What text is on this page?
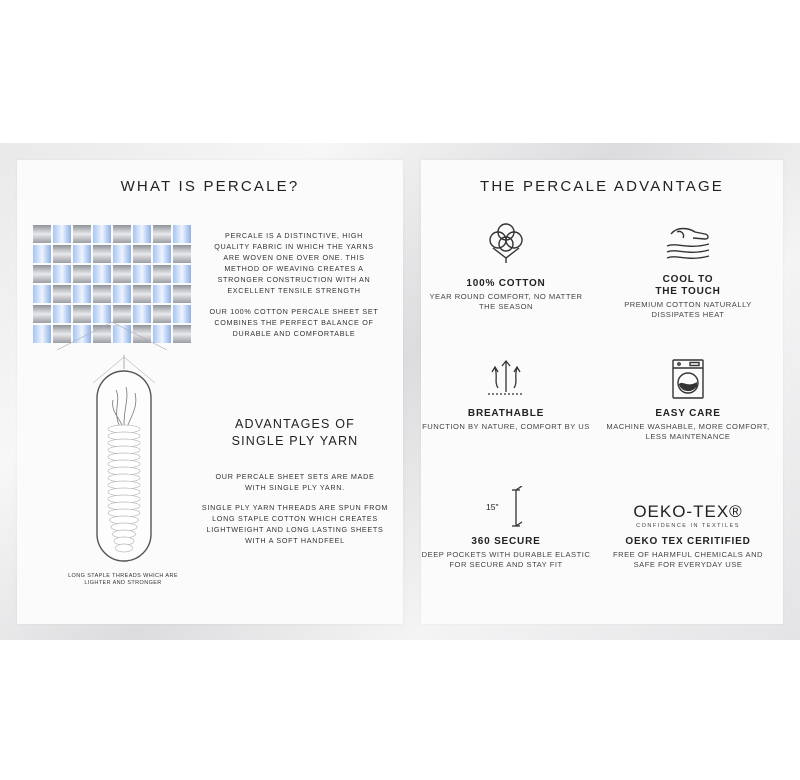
WHAT IS PERCALE?
PERCALE IS A DISTINCTIVE, HIGH QUALITY FABRIC IN WHICH THE YARNS ARE WOVEN ONE OVER ONE. THIS METHOD OF WEAVING CREATES A STRONGER CONSTRUCTION WITH AN EXCELLENT TENSILE STRENGTH
OUR 100% COTTON PERCALE SHEET SET COMBINES THE PERFECT BALANCE OF DURABLE AND COMFORTABLE
LONG STAPLE THREADS WHICH ARE LIGHTER AND STRONGER
ADVANTAGES OF
SINGLE PLY YARN
OUR PERCALE SHEET SETS ARE MADE WITH SINGLE PLY YARN.
SINGLE PLY YARN THREADS ARE SPUN FROM LONG STAPLE COTTON WHICH CREATES LIGHTWEIGHT AND LONG LASTING SHEETS WITH A SOFT HANDFEEL
THE PERCALE ADVANTAGE
100% COTTON
YEAR ROUND COMFORT, NO MATTER THE SEASON
COOL TO
THE TOUCH
PREMIUM COTTON NATURALLY DISSIPATES HEAT
BREATHABLE
FUNCTION BY NATURE, COMFORT BY US
EASY CARE
MACHINE WASHABLE, MORE COMFORT, LESS MAINTENANCE
15"
360 SECURE
DEEP POCKETS WITH DURABLE ELASTIC FOR SECURE AND STAY FIT
OEKO-TEX®
CONFIDENCE IN TEXTILES
OEKO TEX CERITIFIED
FREE OF HARMFUL CHEMICALS AND SAFE FOR EVERYDAY USE
